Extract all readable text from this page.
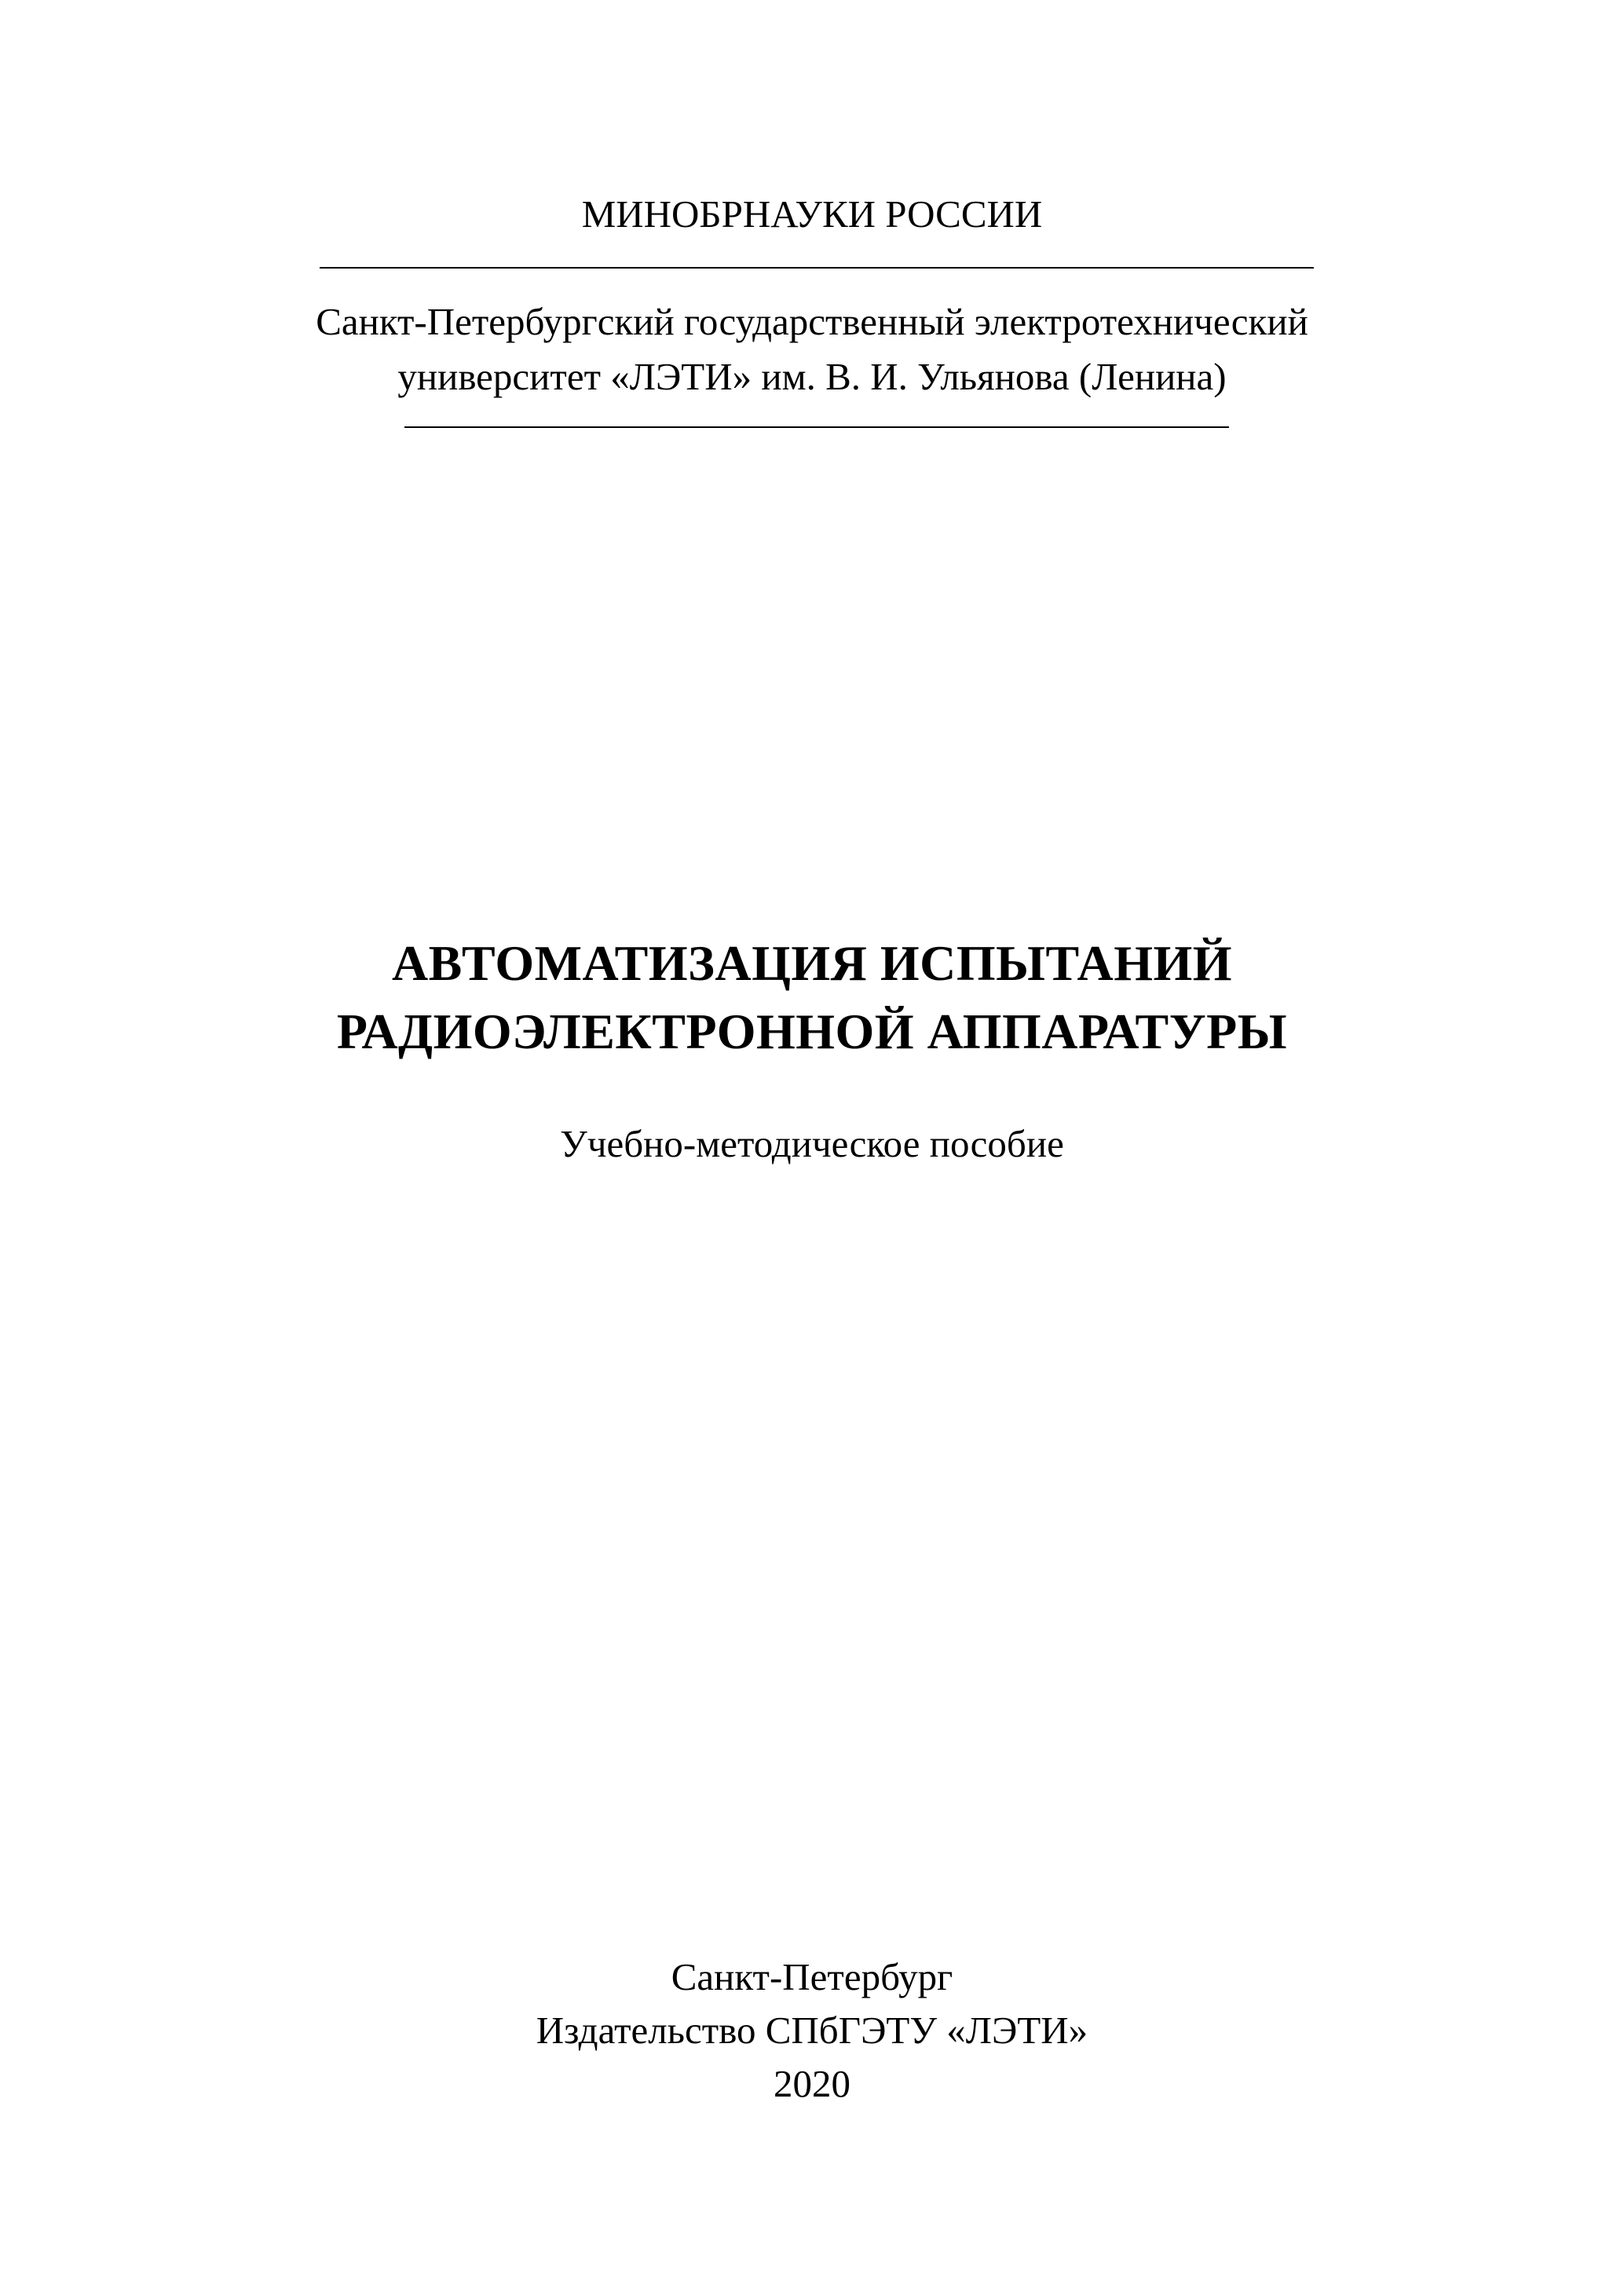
МИНОБРНАУКИ РОССИИ
Санкт-Петербургский государственный электротехнический
университет «ЛЭТИ» им. В. И. Ульянова (Ленина)
АВТОМАТИЗАЦИЯ ИСПЫТАНИЙ
РАДИОЭЛЕКТРОННОЙ АППАРАТУРЫ
Учебно-методическое пособие
Санкт-Петербург
Издательство СПбГЭТУ «ЛЭТИ»
2020
